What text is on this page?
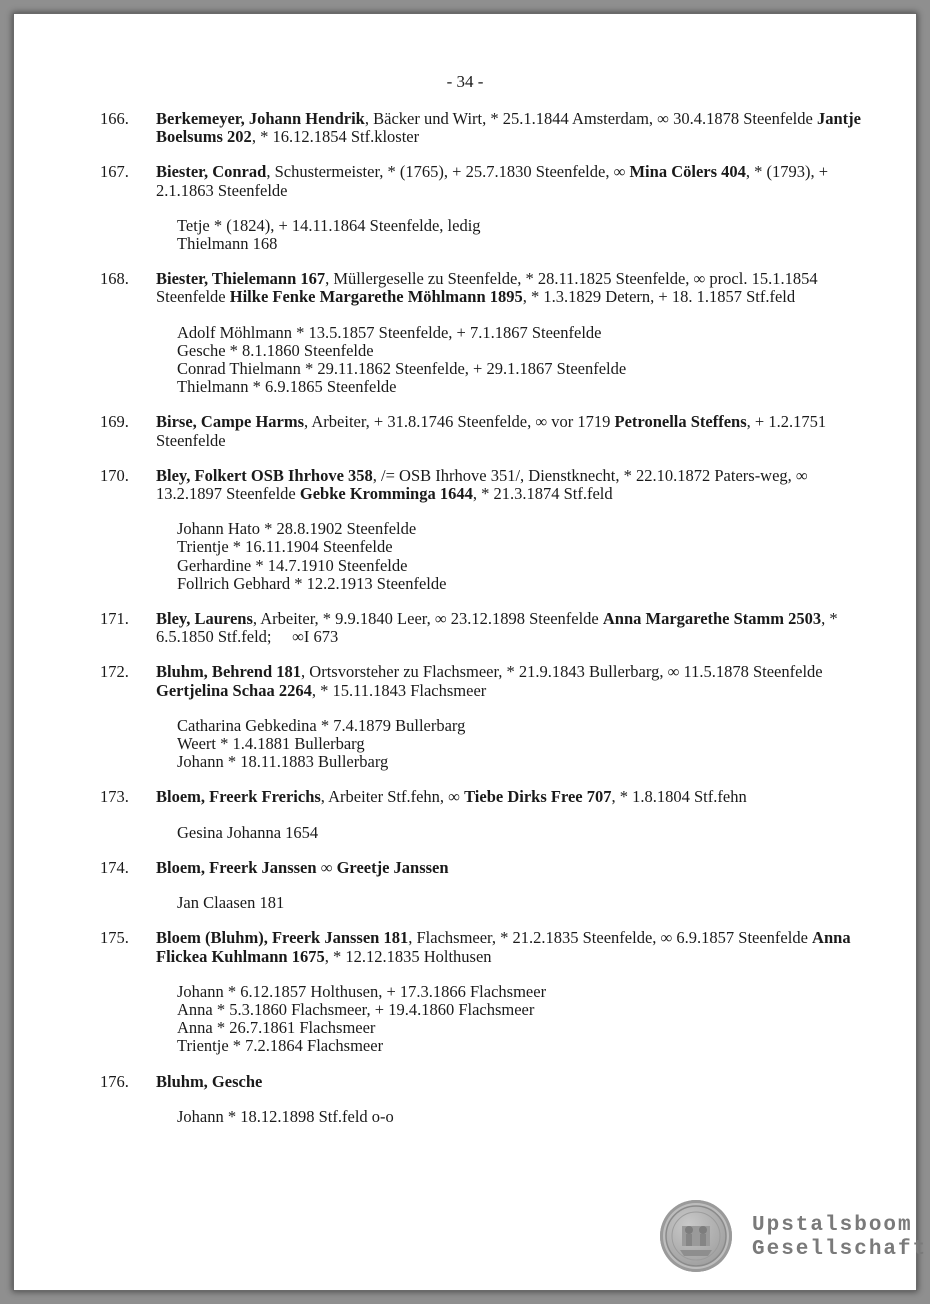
- 34 -
166. Berkemeyer, Johann Hendrik, Bäcker und Wirt, * 25.1.1844 Amsterdam, ∞ 30.4.1878 Steenfelde Jantje Boelsums 202, * 16.12.1854 Stf.kloster
167. Biester, Conrad, Schustermeister, * (1765), + 25.7.1830 Steenfelde, ∞ Mina Cölers 404, * (1793), + 2.1.1863 Steenfelde
Tetje * (1824), + 14.11.1864 Steenfelde, ledig
Thielmann 168
168. Biester, Thielemann 167, Müllergeselle zu Steenfelde, * 28.11.1825 Steenfelde, ∞ procl. 15.1.1854 Steenfelde Hilke Fenke Margarethe Möhlmann 1895, * 1.3.1829 Detern, + 18. 1.1857 Stf.feld
Adolf Möhlmann * 13.5.1857 Steenfelde, + 7.1.1867 Steenfelde
Gesche * 8.1.1860 Steenfelde
Conrad Thielmann * 29.11.1862 Steenfelde, + 29.1.1867 Steenfelde
Thielmann * 6.9.1865 Steenfelde
169. Birse, Campe Harms, Arbeiter, + 31.8.1746 Steenfelde, ∞ vor 1719 Petronella Steffens, + 1.2.1751 Steenfelde
170. Bley, Folkert OSB Ihrhove 358, /= OSB Ihrhove 351/, Dienstknecht, * 22.10.1872 Paters-weg, ∞ 13.2.1897 Steenfelde Gebke Kromminga 1644, * 21.3.1874 Stf.feld
Johann Hato * 28.8.1902 Steenfelde
Trientje * 16.11.1904 Steenfelde
Gerhardine * 14.7.1910 Steenfelde
Follrich Gebhard * 12.2.1913 Steenfelde
171. Bley, Laurens, Arbeiter, * 9.9.1840 Leer, ∞ 23.12.1898 Steenfelde Anna Margarethe Stamm 2503, * 6.5.1850 Stf.feld;     ∞I 673
172. Bluhm, Behrend 181, Ortsvorsteher zu Flachsmeer, * 21.9.1843 Bullerbarg, ∞ 11.5.1878 Steenfelde Gertjelina Schaa 2264, * 15.11.1843 Flachsmeer
Catharina Gebkedina * 7.4.1879 Bullerbarg
Weert * 1.4.1881 Bullerbarg
Johann * 18.11.1883 Bullerbarg
173. Bloem, Freerk Frerichs, Arbeiter Stf.fehn, ∞ Tiebe Dirks Free 707, * 1.8.1804 Stf.fehn
Gesina Johanna 1654
174. Bloem, Freerk Janssen ∞ Greetje Janssen
Jan Claasen 181
175. Bloem (Bluhm), Freerk Janssen 181, Flachsmeer, * 21.2.1835 Steenfelde, ∞ 6.9.1857 Steenfelde Anna Flickea Kuhlmann 1675, * 12.12.1835 Holthusen
Johann * 6.12.1857 Holthusen, + 17.3.1866 Flachsmeer
Anna * 5.3.1860 Flachsmeer, + 19.4.1860 Flachsmeer
Anna * 26.7.1861 Flachsmeer
Trientje * 7.2.1864 Flachsmeer
176. Bluhm, Gesche
Johann * 18.12.1898 Stf.feld o-o
Upstalsboom
Gesellschaft
